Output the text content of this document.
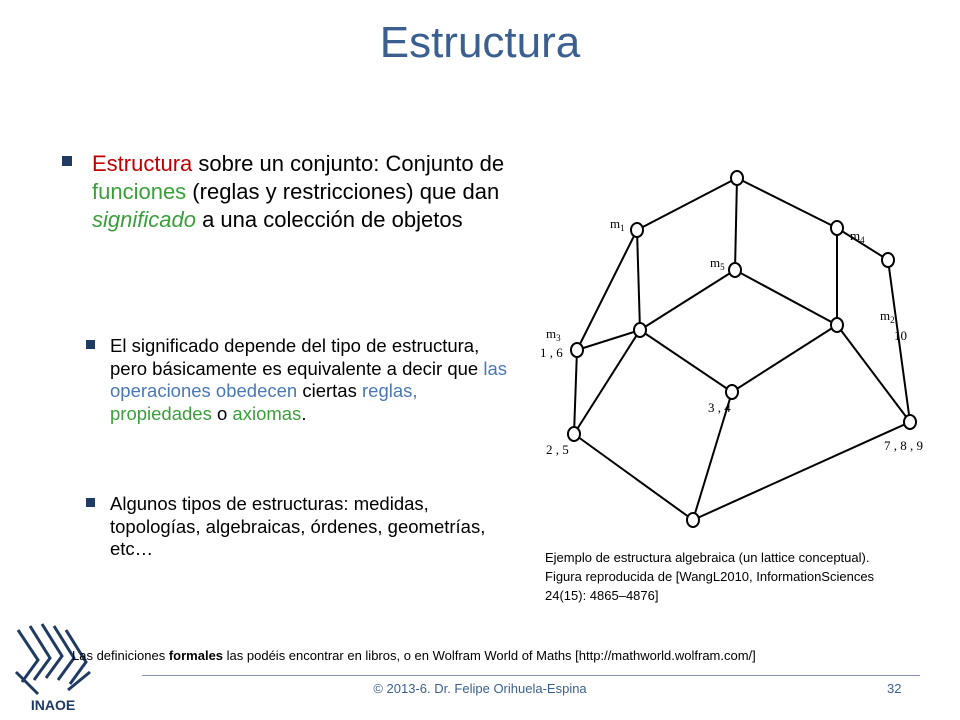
Estructura
Estructura sobre un conjunto: Conjunto de funciones (reglas y restricciones) que dan significado a una colección de objetos
El significado depende del tipo de estructura, pero básicamente es equivalente a decir que las operaciones obedecen ciertas reglas, propiedades o axiomas.
Algunos tipos de estructuras: medidas, topologías, algebraicas, órdenes, geometrías, etc…
$m_1$	$m_4$
$m_5$
$m_3$
1 , 6
$m_2$
10
3 , 4
2 , 5	7 , 8 , 9
Ejemplo de estructura algebraica (un lattice conceptual).
Figura reproducida de [WangL2010, InformationSciences
24(15): 4865–4876]
INAOE
Las definiciones formales las podéis encontrar en libros, o en Wolfram World of Maths [http://mathworld.wolfram.com/]
© 2013-6. Dr. Felipe Orihuela-Espina	32
